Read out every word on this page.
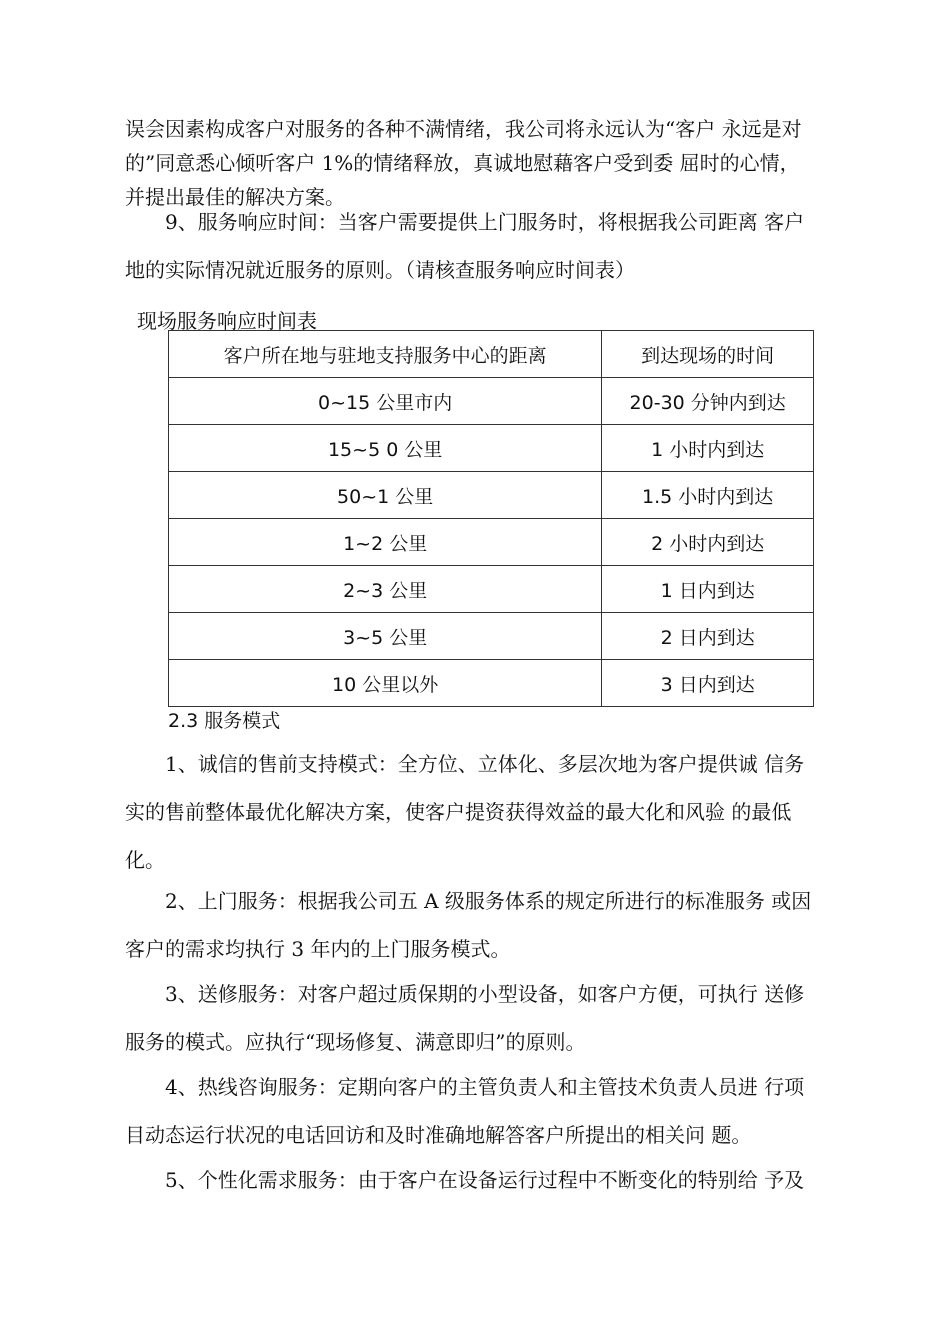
误会因素构成客户对服务的各种不满情绪，我公司将永远认为“客户 永远是对
的”同意悉心倾听客户 1%的情绪释放，真诚地慰藉客户受到委 屈时的心情，
并提出最佳的解决方案。
9、服务响应时间：当客户需要提供上门服务时，将根据我公司距离 客户
地的实际情况就近服务的原则。（请核查服务响应时间表）

现场服务响应时间表

客户所在地与驻地支持服务中心的距离	到达现场的时间
0~15 公里市内	20-30 分钟内到达
15~5 0 公里	1 小时内到达
50~1 公里	1.5 小时内到达
1~2 公里	2 小时内到达
2~3 公里	1 日内到达
3~5 公里	2 日内到达
10 公里以外	3 日内到达

2.3 服务模式

1、诚信的售前支持模式：全方位、立体化、多层次地为客户提供诚 信务
实的售前整体最优化解决方案，使客户提资获得效益的最大化和风验 的最低
化。
2、上门服务：根据我公司五 A 级服务体系的规定所进行的标准服务 或因
客户的需求均执行 3 年内的上门服务模式。
3、送修服务：对客户超过质保期的小型设备，如客户方便，可执行 送修
服务的模式。应执行“现场修复、满意即归”的原则。
4、热线咨询服务：定期向客户的主管负责人和主管技术负责人员进 行项
目动态运行状况的电话回访和及时准确地解答客户所提出的相关问 题。
5、个性化需求服务：由于客户在设备运行过程中不断变化的特别给 予及
